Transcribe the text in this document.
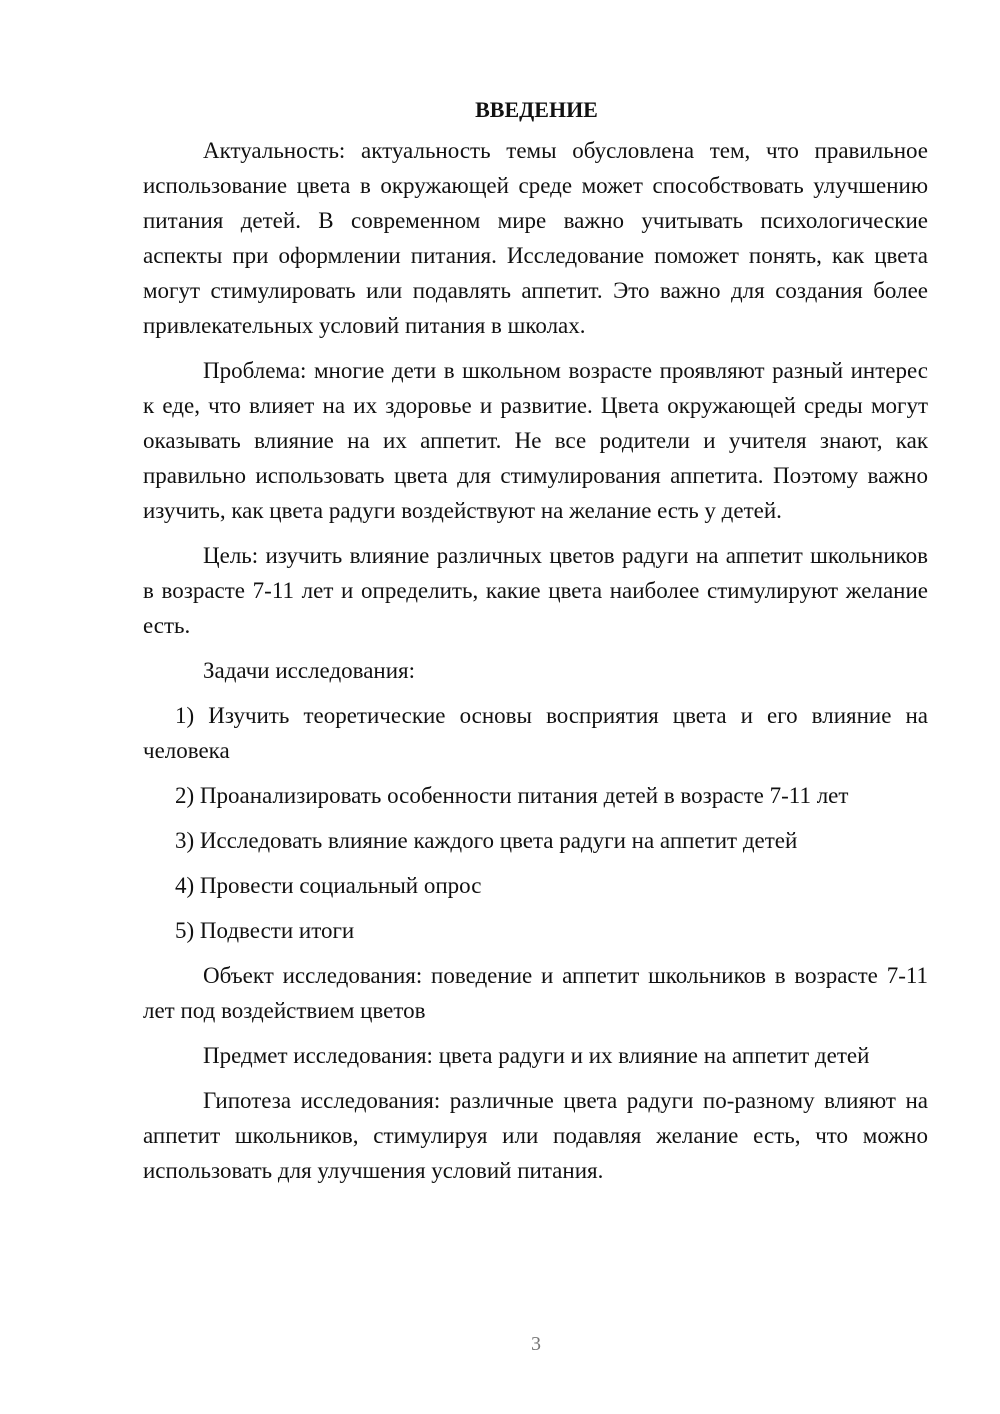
ВВЕДЕНИЕ

Актуальность: актуальность темы обусловлена тем, что правильное использование цвета в окружающей среде может способствовать улучшению питания детей. В современном мире важно учитывать психологические аспекты при оформлении питания. Исследование поможет понять, как цвета могут стимулировать или подавлять аппетит. Это важно для создания более привлекательных условий питания в школах.

Проблема: многие дети в школьном возрасте проявляют разный интерес к еде, что влияет на их здоровье и развитие. Цвета окружающей среды могут оказывать влияние на их аппетит. Не все родители и учителя знают, как правильно использовать цвета для стимулирования аппетита. Поэтому важно изучить, как цвета радуги воздействуют на желание есть у детей.

Цель: изучить влияние различных цветов радуги на аппетит школьников в возрасте 7-11 лет и определить, какие цвета наиболее стимулируют желание есть.

Задачи исследования:

1) Изучить теоретические основы восприятия цвета и его влияние на человека

2) Проанализировать особенности питания детей в возрасте 7-11 лет

3) Исследовать влияние каждого цвета радуги на аппетит детей

4) Провести социальный опрос

5) Подвести итоги

Объект исследования: поведение и аппетит школьников в возрасте 7-11 лет под воздействием цветов

Предмет исследования: цвета радуги и их влияние на аппетит детей

Гипотеза исследования: различные цвета радуги по-разному влияют на аппетит школьников, стимулируя или подавляя желание есть, что можно использовать для улучшения условий питания.

3
